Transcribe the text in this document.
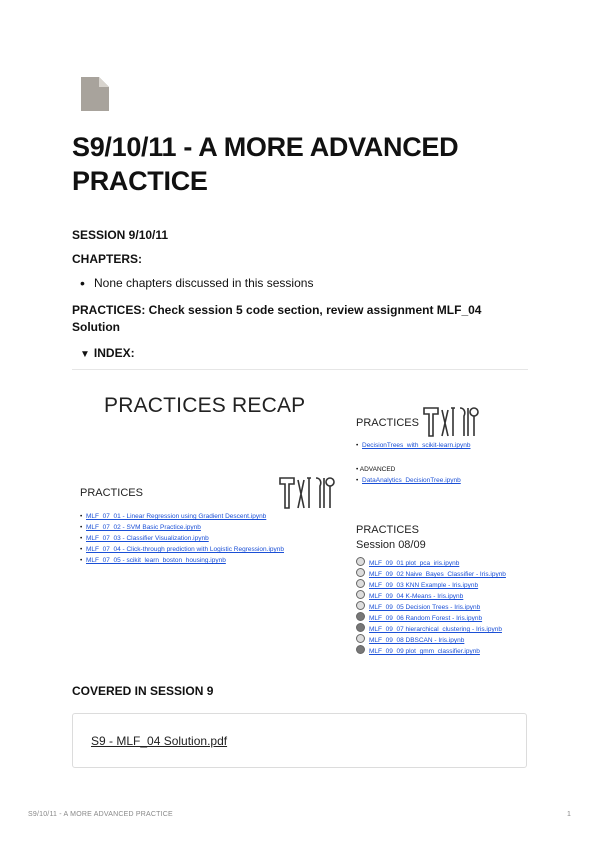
S9/10/11 - A MORE ADVANCED PRACTICE
SESSION 9/10/11
CHAPTERS:
• None chapters discussed in this sessions
PRACTICES: Check session 5 code section, review assignment MLF_04 Solution
▼ INDEX:
PRACTICES RECAP
PRACTICES
• DecisionTrees_with_scikit-learn.ipynb
• ADVANCED
• DataAnalytics_DecisionTree.ipynb
PRACTICES
• MLF_07_01 - Linear Regression using Gradient Descent.ipynb
• MLF_07_02 - SVM Basic Practice.ipynb
• MLF_07_03 - Classifier Visualization.ipynb
• MLF_07_04 - Click-through prediction with Logistic Regression.ipynb
• MLF_07_05 - scikit_learn_boston_housing.ipynb
PRACTICES
Session 08/09
MLF_09_01 plot_pca_iris.ipynb
MLF_09_02 Naive_Bayes_Classifier - Iris.ipynb
MLF_09_03 KNN Example - Iris.ipynb
MLF_09_04 K-Means - Iris.ipynb
MLF_09_05 Decision Trees - Iris.ipynb
MLF_09_06 Random Forest - Iris.ipynb
MLF_09_07 hierarchical_clustering - Iris.ipynb
MLF_09_08 DBSCAN - Iris.ipynb
MLF_09_09 plot_gmm_classifier.ipynb
COVERED IN SESSION 9
S9 - MLF_04 Solution.pdf
S9/10/11 - A MORE ADVANCED PRACTICE	1
